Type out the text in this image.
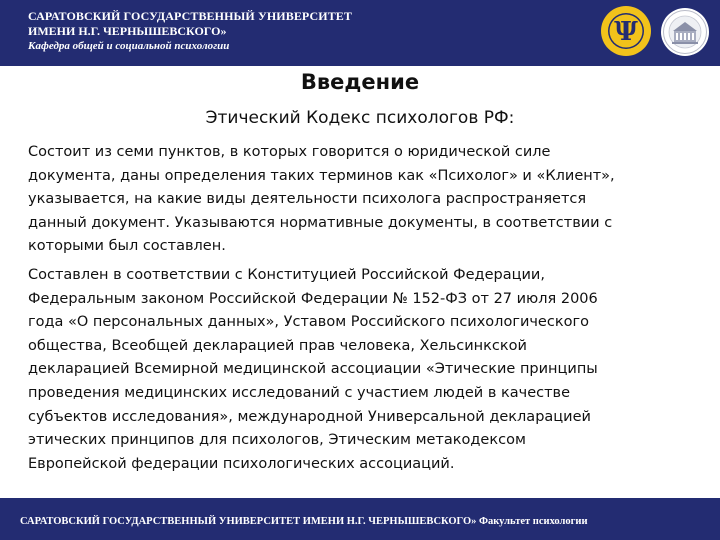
САРАТОВСКИЙ ГОСУДАРСТВЕННЫЙ УНИВЕРСИТЕТ
ИМЕНИ Н.Г. ЧЕРНЫШЕВСКОГО»
Кафедра общей и социальной психологии	Ψ
Введение
Этический Кодекс психологов РФ:
Состоит из семи пунктов, в которых говорится о юридической силе
документа, даны определения таких терминов как «Психолог» и «Клиент»,
указывается, на какие виды деятельности психолога распространяется
данный документ. Указываются нормативные документы, в соответствии с
которыми был составлен.
Составлен в соответствии с Конституцией Российской Федерации,
Федеральным законом Российской Федерации № 152-ФЗ от 27 июля 2006
года «О персональных данных», Уставом Российского психологического
общества, Всеобщей декларацией прав человека, Хельсинкской
декларацией Всемирной медицинской ассоциации «Этические принципы
проведения медицинских исследований с участием людей в качестве
субъектов исследования», международной Универсальной декларацией
этических принципов для психологов, Этическим метакодексом
Европейской федерации психологических ассоциаций.
САРАТОВСКИЙ ГОСУДАРСТВЕННЫЙ УНИВЕРСИТЕТ ИМЕНИ Н.Г. ЧЕРНЫШЕВСКОГО» Факультет психологии
